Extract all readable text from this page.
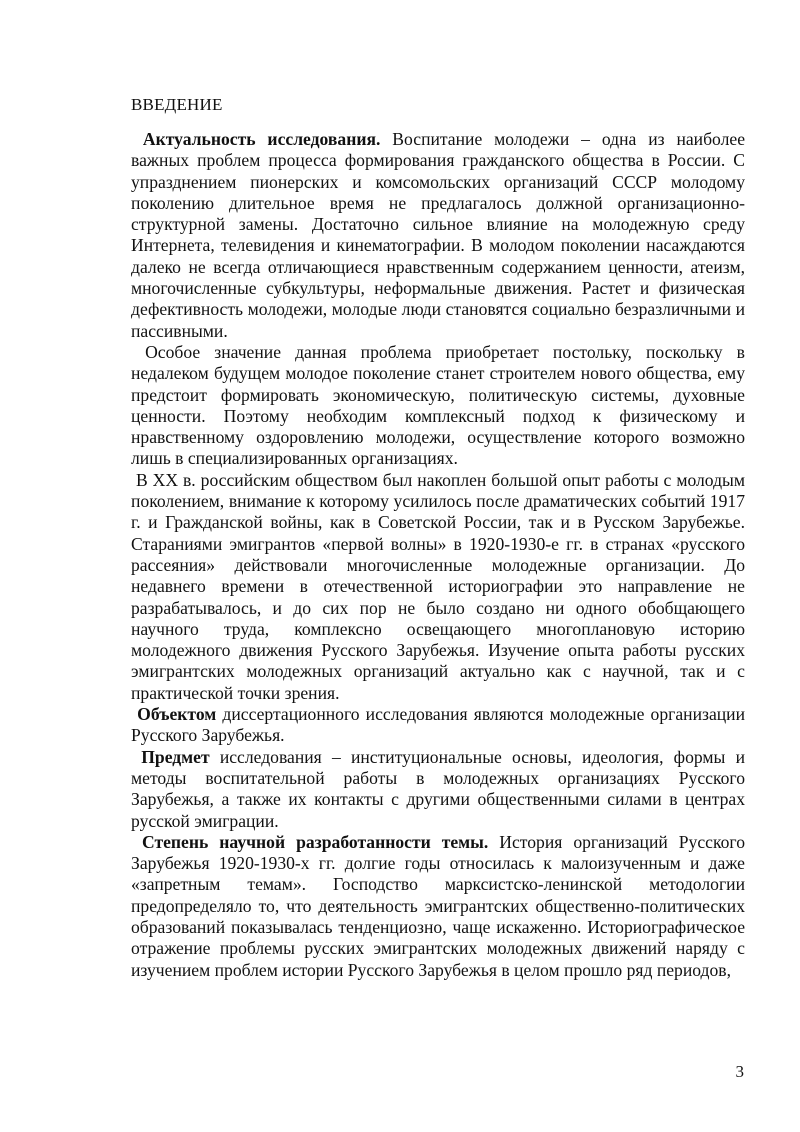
ВВЕДЕНИЕ

Актуальность исследования. Воспитание молодежи – одна из наиболее важных проблем процесса формирования гражданского общества в России. С упразднением пионерских и комсомольских организаций СССР молодому поколению длительное время не предлагалось должной организационно-структурной замены. Достаточно сильное влияние на молодежную среду Интернета, телевидения и кинематографии. В молодом поколении насаждаются далеко не всегда отличающиеся нравственным содержанием ценности, атеизм, многочисленные субкультуры, неформальные движения. Растет и физическая дефективность молодежи, молодые люди становятся социально безразличными и пассивными.

Особое значение данная проблема приобретает постольку, поскольку в недалеком будущем молодое поколение станет строителем нового общества, ему предстоит формировать экономическую, политическую системы, духовные ценности. Поэтому необходим комплексный подход к физическому и нравственному оздоровлению молодежи, осуществление которого возможно лишь в специализированных организациях.

В XX в. российским обществом был накоплен большой опыт работы с молодым поколением, внимание к которому усилилось после драматических событий 1917 г. и Гражданской войны, как в Советской России, так и в Русском Зарубежье. Стараниями эмигрантов «первой волны» в 1920-1930-е гг. в странах «русского рассеяния» действовали многочисленные молодежные организации. До недавнего времени в отечественной историографии это направление не разрабатывалось, и до сих пор не было создано ни одного обобщающего научного труда, комплексно освещающего многоплановую историю молодежного движения Русского Зарубежья. Изучение опыта работы русских эмигрантских молодежных организаций актуально как с научной, так и с практической точки зрения.

Объектом диссертационного исследования являются молодежные организации Русского Зарубежья.

Предмет исследования – институциональные основы, идеология, формы и методы воспитательной работы в молодежных организациях Русского Зарубежья, а также их контакты с другими общественными силами в центрах русской эмиграции.

Степень научной разработанности темы. История организаций Русского Зарубежья 1920-1930-х гг. долгие годы относилась к малоизученным и даже «запретным темам». Господство марксистско-ленинской методологии предопределяло то, что деятельность эмигрантских общественно-политических образований показывалась тенденциозно, чаще искаженно. Историографическое отражение проблемы русских эмигрантских молодежных движений наряду с изучением проблем истории Русского Зарубежья в целом прошло ряд периодов,

3
